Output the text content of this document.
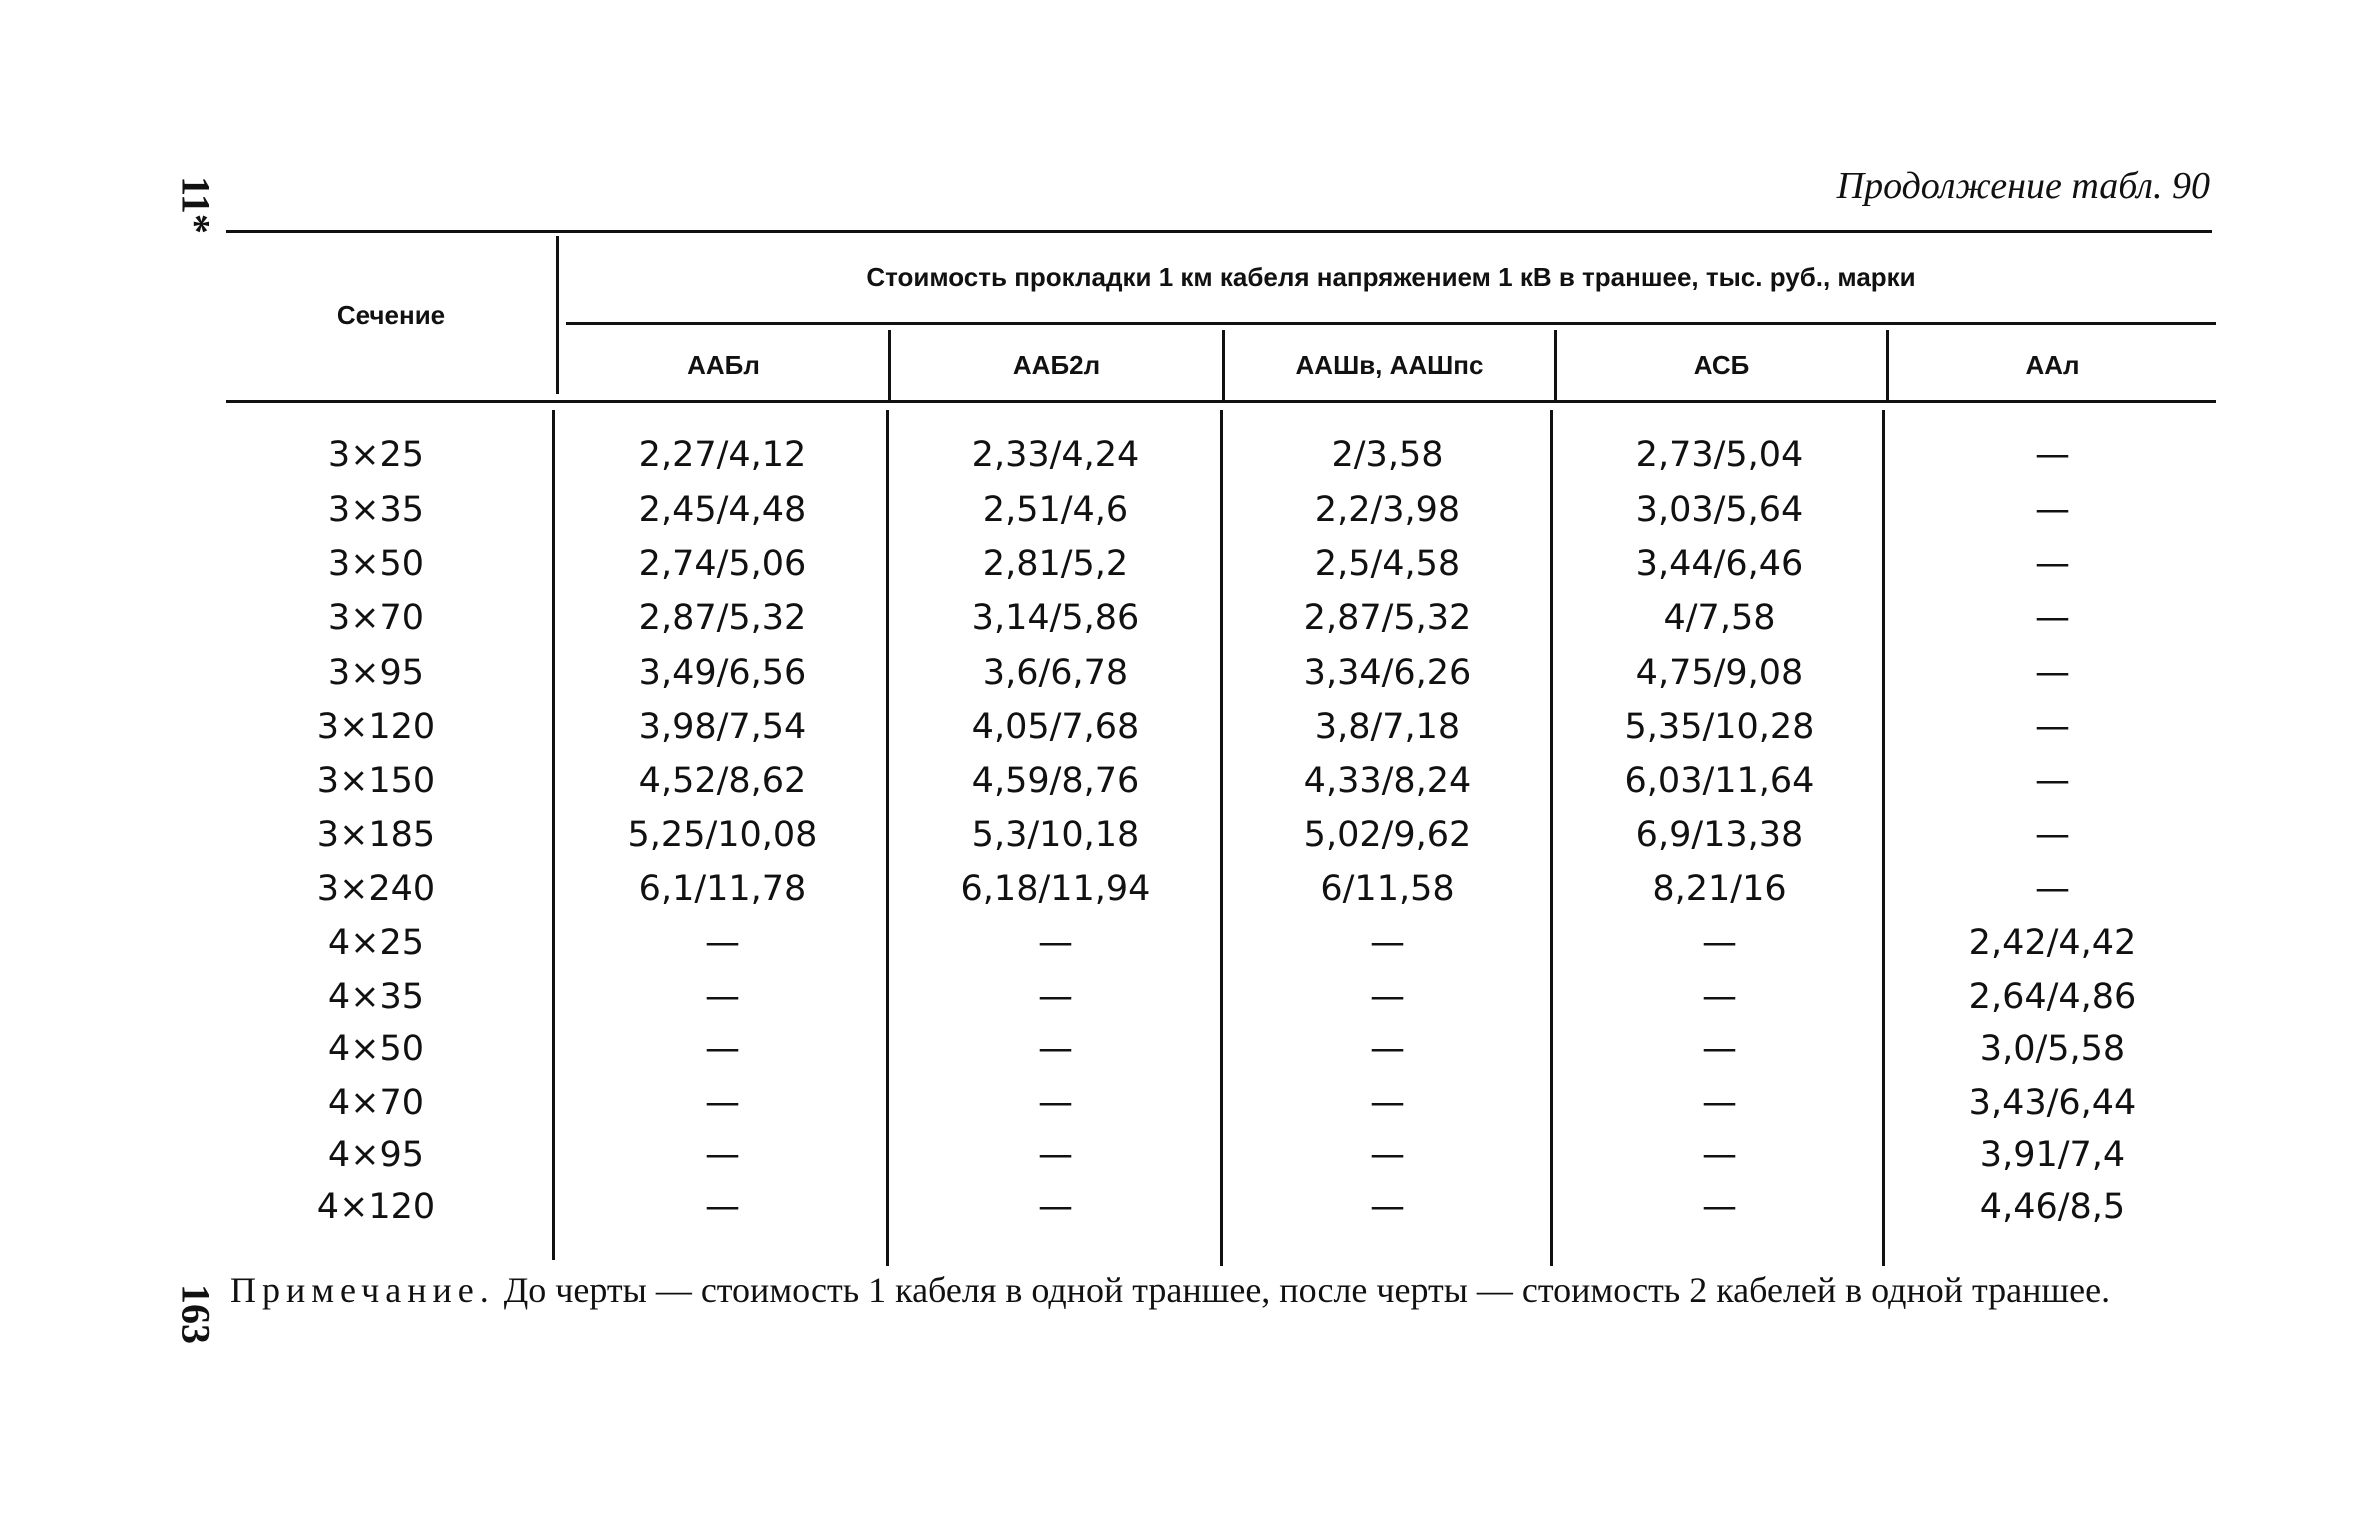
11*
163
Продолжение табл. 90
Сечение
Стоимость прокладки 1 км кабеля напряжением 1 кВ в траншее, тыс. руб., марки
ААБл	ААБ2л	ААШв, ААШпс	АСБ	ААл
3×25	2,27/4,12	2,33/4,24	2/3,58	2,73/5,04	—
3×35	2,45/4,48	2,51/4,6	2,2/3,98	3,03/5,64	—
3×50	2,74/5,06	2,81/5,2	2,5/4,58	3,44/6,46	—
3×70	2,87/5,32	3,14/5,86	2,87/5,32	4/7,58	—
3×95	3,49/6,56	3,6/6,78	3,34/6,26	4,75/9,08	—
3×120	3,98/7,54	4,05/7,68	3,8/7,18	5,35/10,28	—
3×150	4,52/8,62	4,59/8,76	4,33/8,24	6,03/11,64	—
3×185	5,25/10,08	5,3/10,18	5,02/9,62	6,9/13,38	—
3×240	6,1/11,78	6,18/11,94	6/11,58	8,21/16	—
4×25	—	—	—	—	2,42/4,42
4×35	—	—	—	—	2,64/4,86
4×50	—	—	—	—	3,0/5,58
4×70	—	—	—	—	3,43/6,44
4×95	—	—	—	—	3,91/7,4
4×120	—	—	—	—	4,46/8,5
Примечание. До черты — стоимость 1 кабеля в одной траншее, после черты — стоимость 2 кабелей в одной траншее.
